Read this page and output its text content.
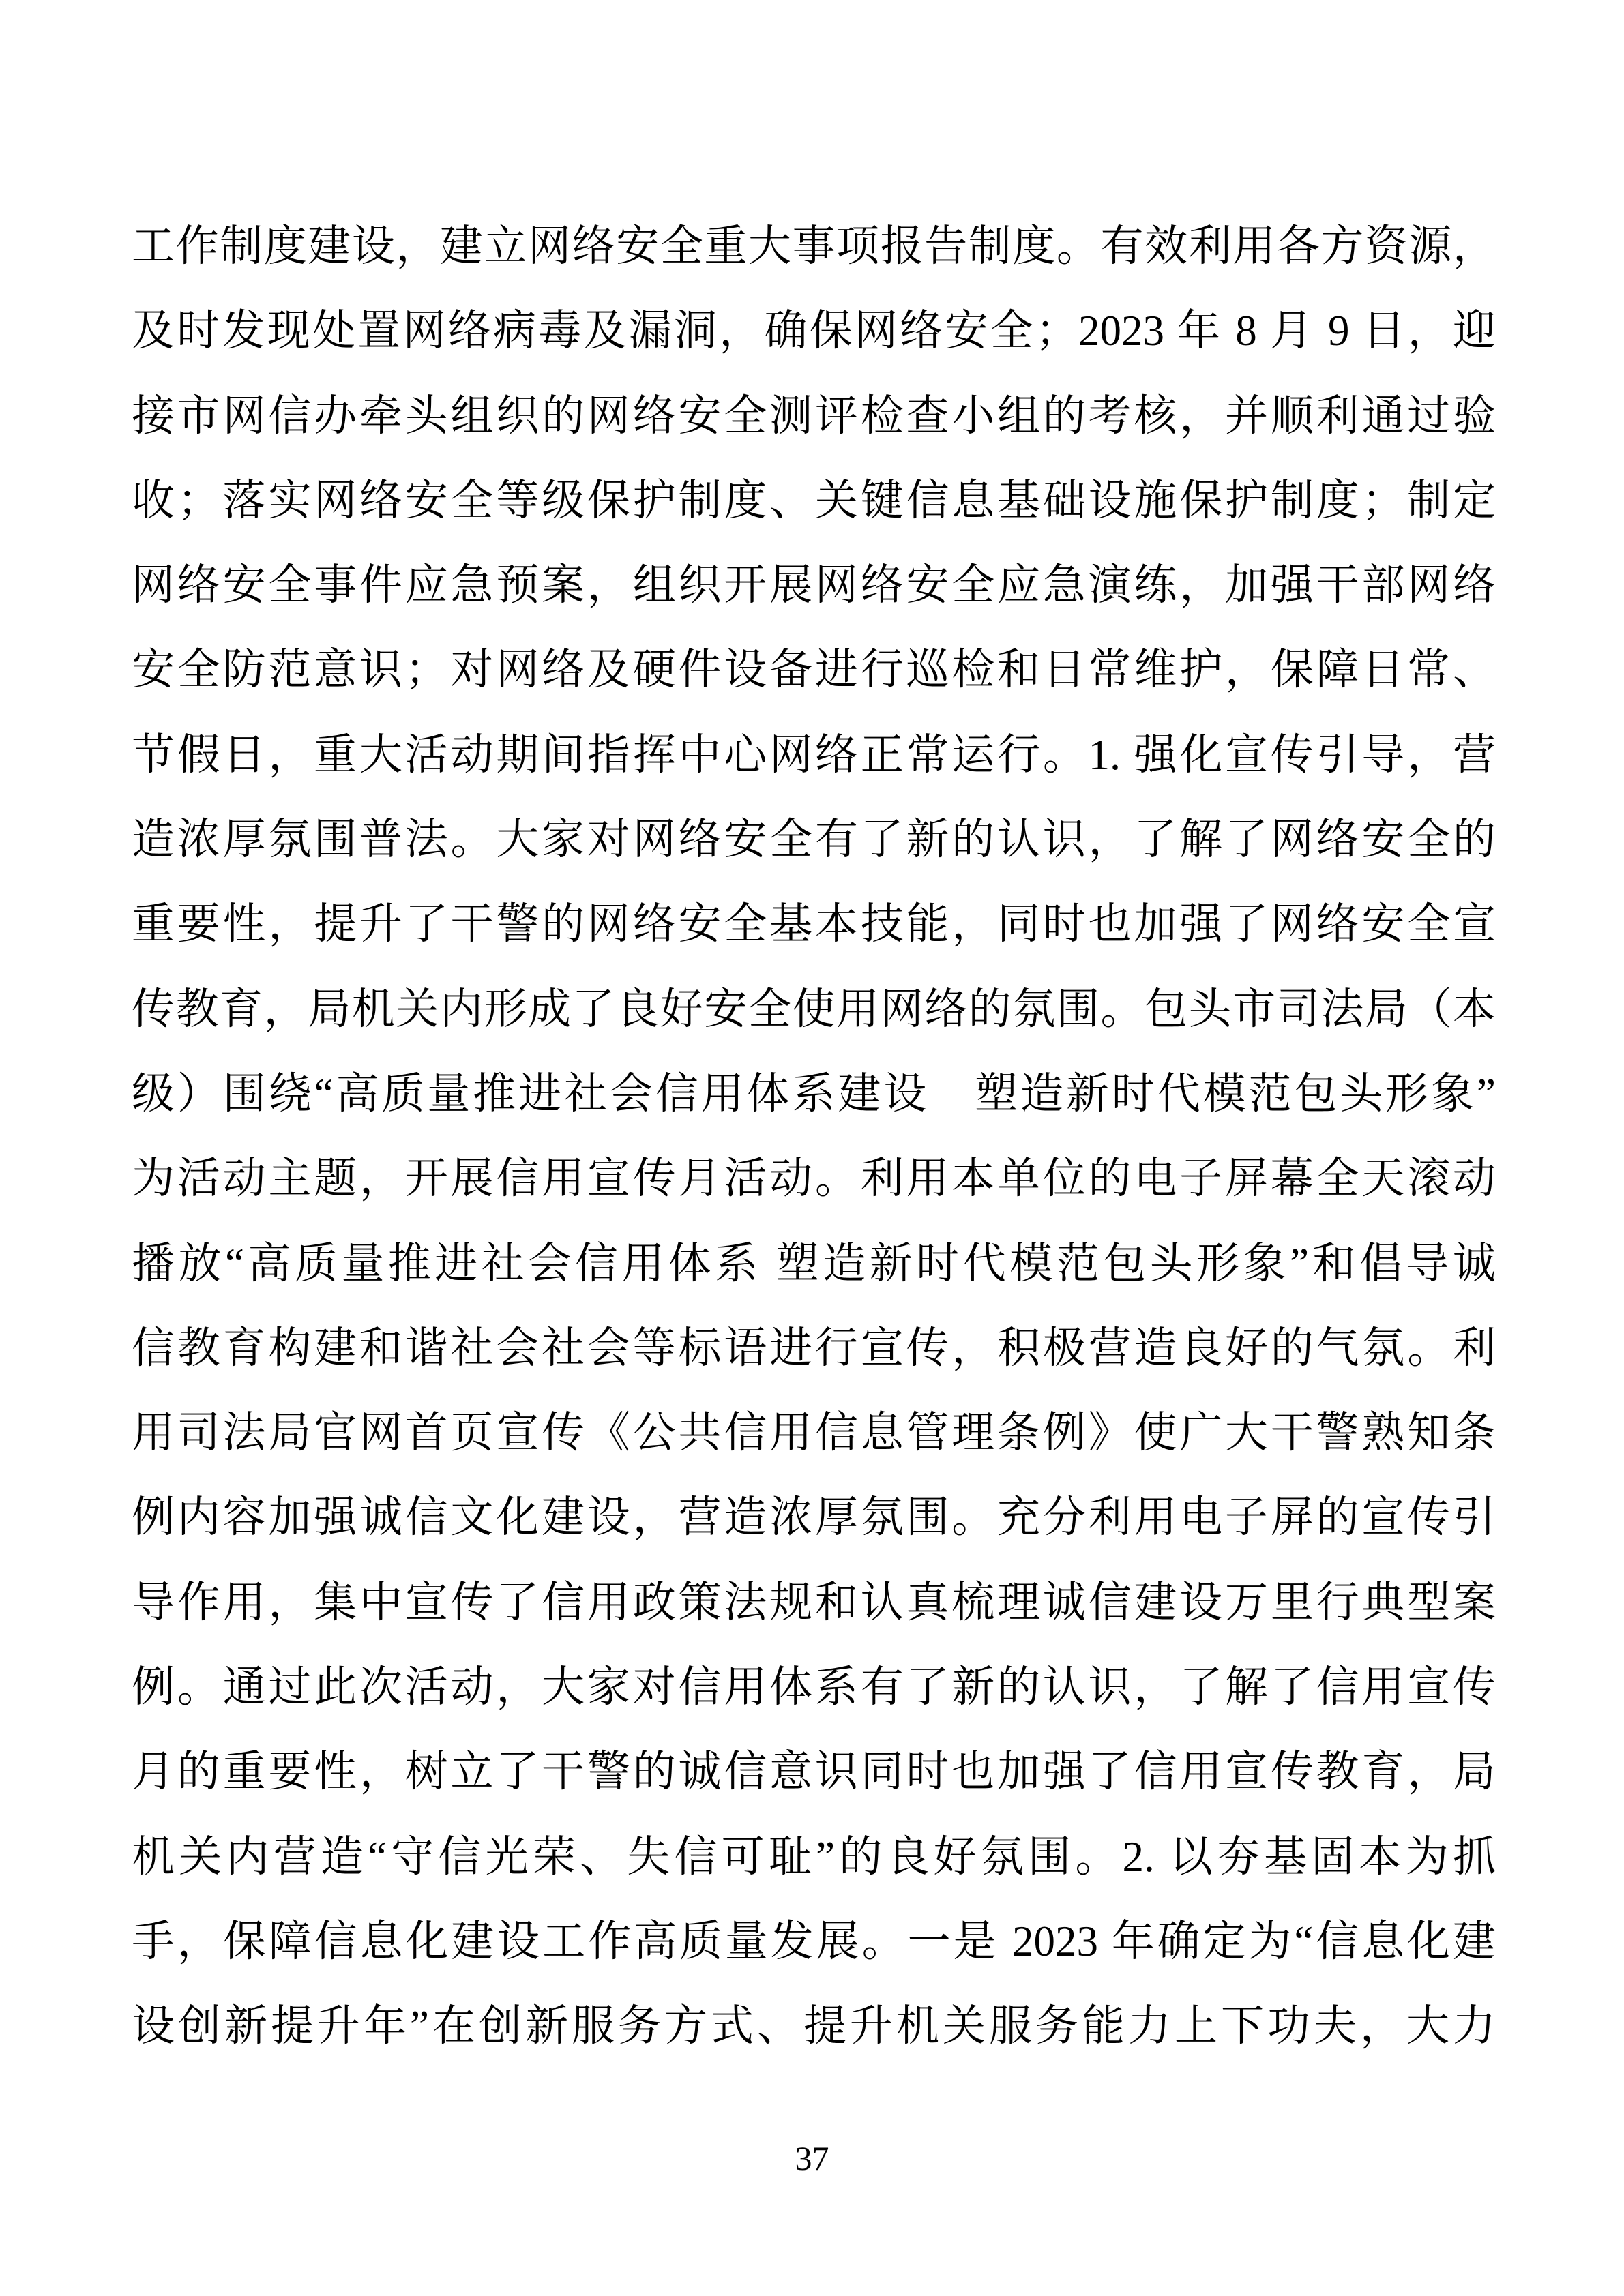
工作制度建设，建立网络安全重大事项报告制度。有效利用各方资源，
及时发现处置网络病毒及漏洞，确保网络安全；2023 年 8 月 9 日，迎
接市网信办牵头组织的网络安全测评检查小组的考核，并顺利通过验
收；落实网络安全等级保护制度、关键信息基础设施保护制度；制定
网络安全事件应急预案，组织开展网络安全应急演练，加强干部网络
安全防范意识；对网络及硬件设备进行巡检和日常维护，保障日常、
节假日，重大活动期间指挥中心网络正常运行。1. 强化宣传引导，营
造浓厚氛围普法。大家对网络安全有了新的认识，了解了网络安全的
重要性，提升了干警的网络安全基本技能，同时也加强了网络安全宣
传教育，局机关内形成了良好安全使用网络的氛围。包头市司法局（本
级）围绕“高质量推进社会信用体系建设　塑造新时代模范包头形象”
为活动主题，开展信用宣传月活动。利用本单位的电子屏幕全天滚动
播放“高质量推进社会信用体系 塑造新时代模范包头形象”和倡导诚
信教育构建和谐社会社会等标语进行宣传，积极营造良好的气氛。利
用司法局官网首页宣传《公共信用信息管理条例》使广大干警熟知条
例内容加强诚信文化建设，营造浓厚氛围。充分利用电子屏的宣传引
导作用，集中宣传了信用政策法规和认真梳理诚信建设万里行典型案
例。通过此次活动，大家对信用体系有了新的认识，了解了信用宣传
月的重要性，树立了干警的诚信意识同时也加强了信用宣传教育，局
机关内营造“守信光荣、失信可耻”的良好氛围。2. 以夯基固本为抓
手，保障信息化建设工作高质量发展。一是 2023 年确定为“信息化建
设创新提升年”在创新服务方式、提升机关服务能力上下功夫，大力
37
